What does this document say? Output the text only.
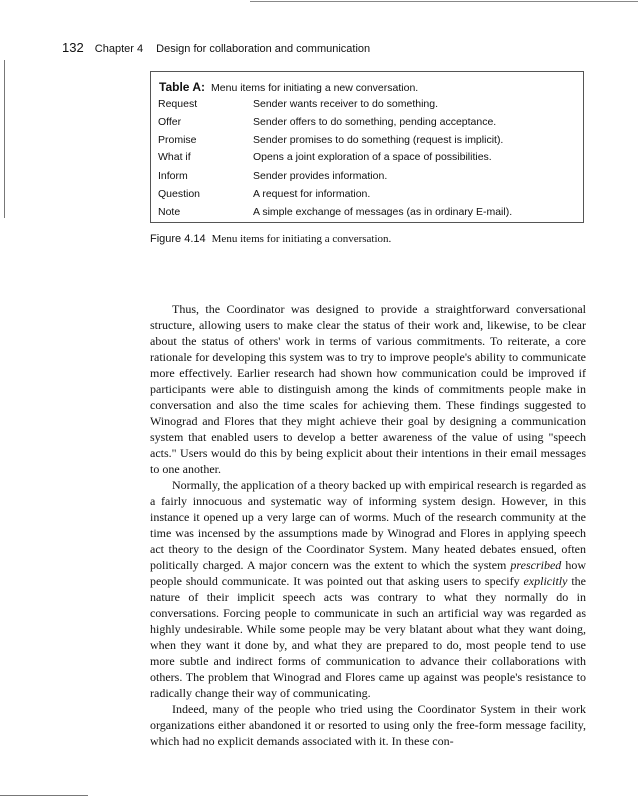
132 Chapter 4 Design for collaboration and communication
Table A: Menu items for initiating a new conversation.
Request	Sender wants receiver to do something.
Offer	Sender offers to do something, pending acceptance.
Promise	Sender promises to do something (request is implicit).
What if	Opens a joint exploration of a space of possibilities.
Inform	Sender provides information.
Question	A request for information.
Note	A simple exchange of messages (as in ordinary E-mail).
Figure 4.14 Menu items for initiating a conversation.

Thus, the Coordinator was designed to provide a straightforward conversational structure, allowing users to make clear the status of their work and, likewise, to be clear about the status of others' work in terms of various commitments. To reiterate, a core rationale for developing this system was to try to improve people's ability to communicate more effectively. Earlier research had shown how communication could be improved if participants were able to distinguish among the kinds of commitments people make in conversation and also the time scales for achieving them. These findings suggested to Winograd and Flores that they might achieve their goal by designing a communication system that enabled users to develop a better awareness of the value of using "speech acts." Users would do this by being explicit about their intentions in their email messages to one another.

Normally, the application of a theory backed up with empirical research is regarded as a fairly innocuous and systematic way of informing system design. However, in this instance it opened up a very large can of worms. Much of the research community at the time was incensed by the assumptions made by Winograd and Flores in applying speech act theory to the design of the Coordinator System. Many heated debates ensued, often politically charged. A major concern was the extent to which the system prescribed how people should communicate. It was pointed out that asking users to specify explicitly the nature of their implicit speech acts was contrary to what they normally do in conversations. Forcing people to communicate in such an artificial way was regarded as highly undesirable. While some people may be very blatant about what they want doing, when they want it done by, and what they are prepared to do, most people tend to use more subtle and indirect forms of communication to advance their collaborations with others. The problem that Winograd and Flores came up against was people's resistance to radically change their way of communicating.

Indeed, many of the people who tried using the Coordinator System in their work organizations either abandoned it or resorted to using only the free-form message facility, which had no explicit demands associated with it. In these con-
